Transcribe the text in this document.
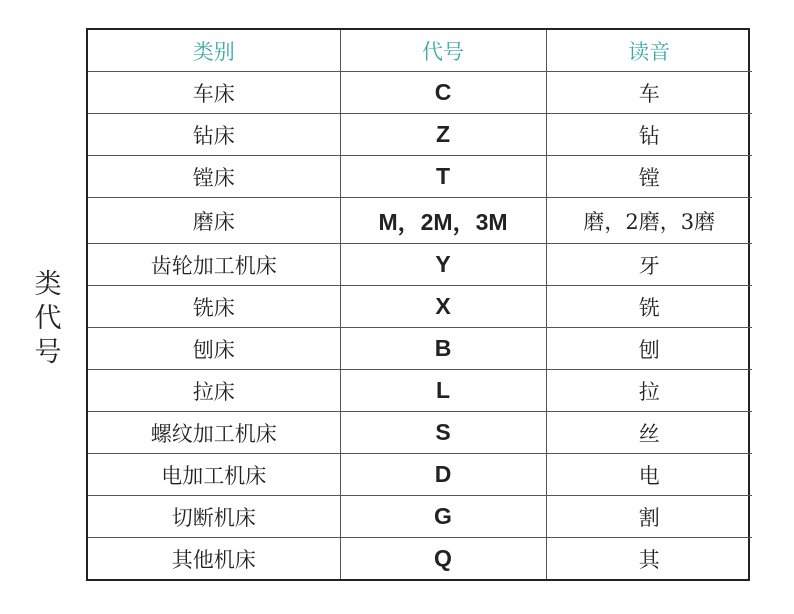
类
代
号
类别	代号	读音
车床	C	车
钻床	Z	钻
镗床	T	镗
磨床	M，2M，3M	磨，2磨，3磨
齿轮加工机床	Y	牙
铣床	X	铣
刨床	B	刨
拉床	L	拉
螺纹加工机床	S	丝
电加工机床	D	电
切断机床	G	割
其他机床	Q	其
